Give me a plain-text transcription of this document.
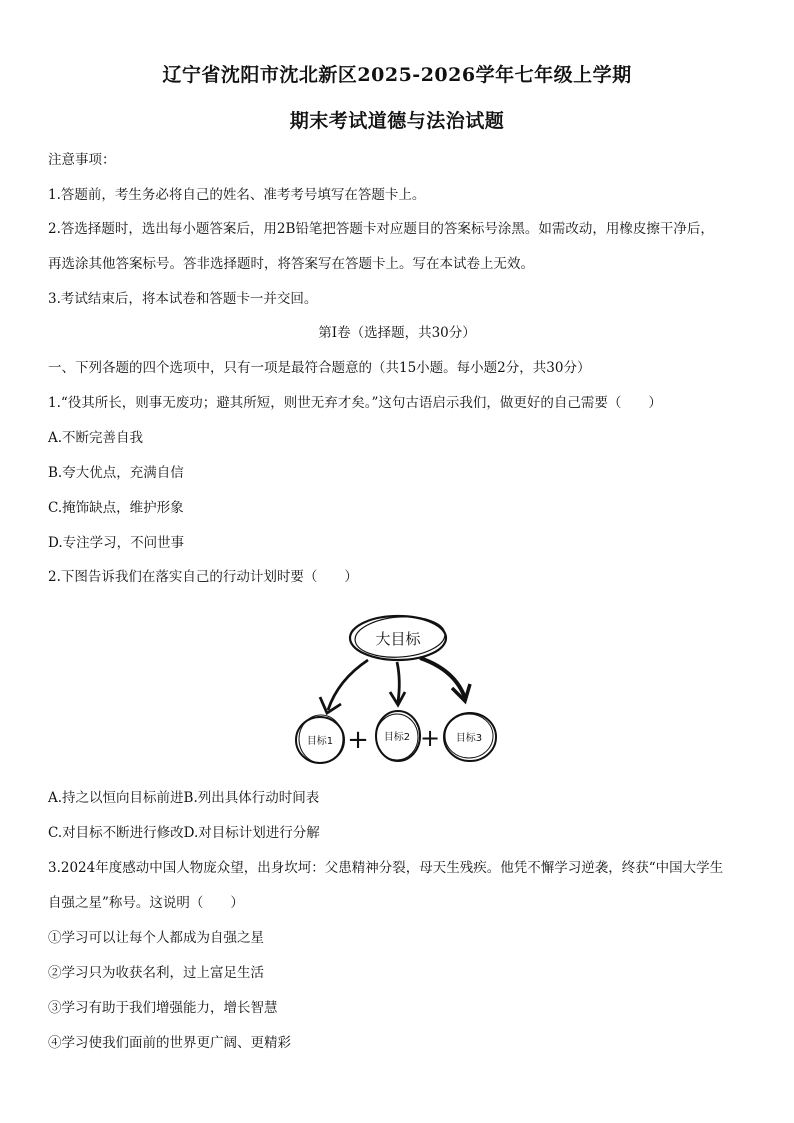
辽宁省沈阳市沈北新区2025-2026学年七年级上学期
期末考试道德与法治试题
注意事项：
1.答题前，考生务必将自己的姓名、准考考号填写在答题卡上。
2.答选择题时，选出每小题答案后，用2B铅笔把答题卡对应题目的答案标号涂黑。如需改动，用橡皮擦干净后，
再选涂其他答案标号。答非选择题时，将答案写在答题卡上。写在本试卷上无效。
3.考试结束后，将本试卷和答题卡一并交回。
第Ⅰ卷（选择题，共30分）
一、下列各题的四个选项中，只有一项是最符合题意的（共15小题。每小题2分，共30分）
1.“役其所长，则事无废功；避其所短，则世无弃才矣。”这句古语启示我们，做更好的自己需要（　　）
A.不断完善自我
B.夸大优点，充满自信
C.掩饰缺点，维护形象
D.专注学习，不问世事
2.下图告诉我们在落实自己的行动计划时要（　　）
大目标
目标1 + 目标2 + 目标3
A.持之以恒向目标前进B.列出具体行动时间表
C.对目标不断进行修改D.对目标计划进行分解
3.2024年度感动中国人物庞众望，出身坎坷：父患精神分裂，母天生残疾。他凭不懈学习逆袭，终获“中国大学生
自强之星”称号。这说明（　　）
①学习可以让每个人都成为自强之星
②学习只为收获名利，过上富足生活
③学习有助于我们增强能力，增长智慧
④学习使我们面前的世界更广阔、更精彩
